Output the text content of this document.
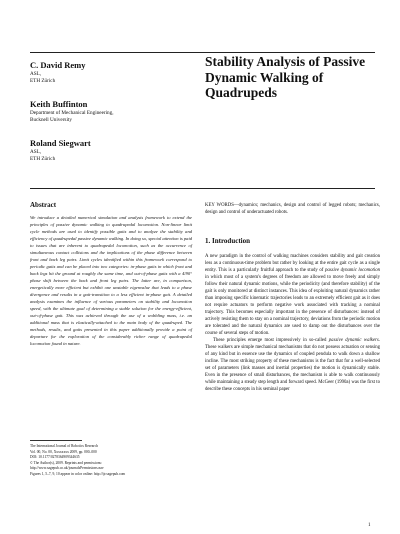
C. David Remy
ASL,
ETH Zürich
Keith Buffinton
Department of Mechanical Engineering,
Bucknell University
Roland Siegwart
ASL,
ETH Zürich
Stability Analysis of Passive Dynamic Walking of Quadrupeds
Abstract
We introduce a detailed numerical simulation and analysis framework to extend the principles of passive dynamic walking to quadrupedal locomotion. Non-linear limit cycle methods are used to identify possible gaits and to analyze the stability and efficiency of quadrupedal passive dynamic walking. In doing so, special attention is paid to issues that are inherent to quadrupedal locomotion, such as the occurrence of simultaneous contact collisions and the implications of the phase difference between front and back leg pairs. Limit cycles identified within this framework correspond to periodic gaits and can be placed into two categories: in-phase gaits in which front and back legs hit the ground at roughly the same time, and out-of-phase gaits with a 4/90° phase shift between the back and front leg pairs. The latter are, in comparison, energetically more efficient but exhibit one unstable eigenvalue that leads to a phase divergence and results in a gait-transition to a less efficient in-phase gait. A detailed analysis examines the influence of various parameters on stability and locomotion speed, with the ultimate goal of determining a stable solution for the energy-efficient, out-of-phase gait. This was achieved through the use of a wobbling mass, i.e. an additional mass that is elastically-attached to the main body of the quadruped. The methods, results, and gaits presented in this paper additionally provide a point of departure for the exploration of the considerably richer range of quadrupedal locomotion found in nature.
KEY WORDS—dynamics; mechanics, design and control of legged robots; mechanics, design and control of underactuated robots.
1. Introduction

A new paradigm in the control of walking machines considers stability and gait creation less as a continuous-time problem but rather by looking at the entire gait cycle as a single entity. This is a particularly fruitful approach to the study of passive dynamic locomotion in which most of a system's degrees of freedom are allowed to move freely and simply follow their natural dynamic motions, while the periodicity (and therefore stability) of the gait is only monitored at distinct instances. This idea of exploiting natural dynamics rather than imposing specific kinematic trajectories leads to an extremely efficient gait as it does not require actuators to perform negative work associated with tracking a nominal trajectory. This becomes especially important in the presence of disturbances: instead of actively resisting them to stay on a nominal trajectory, deviations from the periodic motion are tolerated and the natural dynamics are used to damp out the disturbances over the course of several steps of motion.

These principles emerge most impressively in so-called passive dynamic walkers. These walkers are simple mechanical mechanisms that do not possess actuation or sensing of any kind but in essence use the dynamics of coupled pendula to walk down a shallow incline. The most striking property of these mechanisms is the fact that for a well-selected set of parameters (link masses and inertial properties) the motion is dynamically stable. Even in the presence of small disturbances, the mechanism is able to walk continuously while maintaining a steady step length and forward speed. McGeer (1990a) was the first to describe these concepts in his seminal paper

The International Journal of Robotics Research
Vol. 00, No. 00, Xxxxxxxx 2009, pp. 000–000
DOI: 10.1177/0278364909344635
© The Author(s), 2009. Reprints and permissions:
http://www.sagepub.co.uk/journalsPermissions.nav
Figures 1, 5–7, 9, 10 appear in color online: http://ijr.sagepub.com
1
